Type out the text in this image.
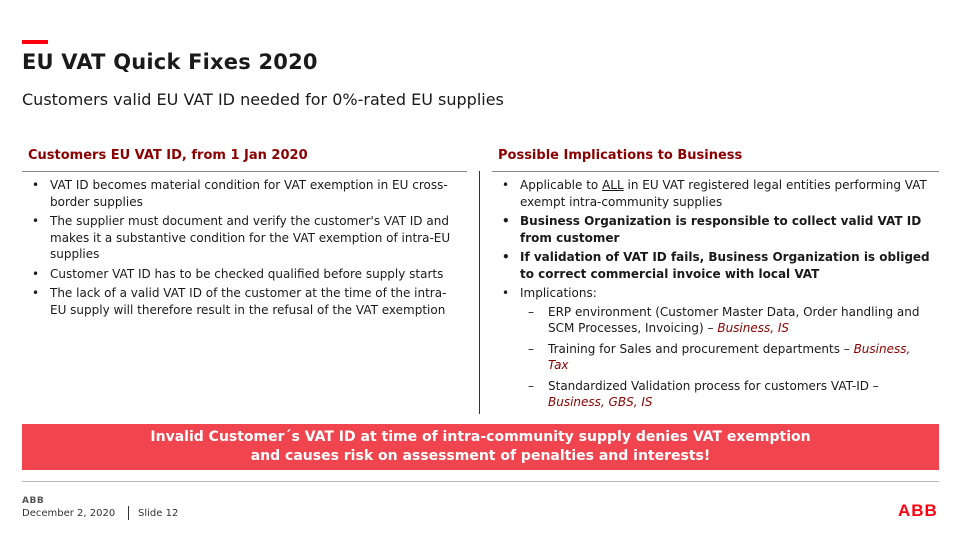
EU VAT Quick Fixes 2020
Customers valid EU VAT ID needed for 0%-rated EU supplies
Customers EU VAT ID, from 1 Jan 2020	Possible Implications to Business
• VAT ID becomes material condition for VAT exemption in EU cross-border supplies
• The supplier must document and verify the customer's VAT ID and makes it a substantive condition for the VAT exemption of intra-EU supplies
• Customer VAT ID has to be checked qualified before supply starts
• The lack of a valid VAT ID of the customer at the time of the intra-EU supply will therefore result in the refusal of the VAT exemption
• Applicable to ALL in EU VAT registered legal entities performing VAT exempt intra-community supplies
• Business Organization is responsible to collect valid VAT ID from customer
• If validation of VAT ID fails, Business Organization is obliged to correct commercial invoice with local VAT
• Implications:
– ERP environment (Customer Master Data, Order handling and SCM Processes, Invoicing) – Business, IS
– Training for Sales and procurement departments – Business, Tax
– Standardized Validation process for customers VAT-ID – Business, GBS, IS
Invalid Customer´s VAT ID at time of intra-community supply denies VAT exemption
and causes risk on assessment of penalties and interests!
ABB
December 2, 2020 Slide 12	ABB
